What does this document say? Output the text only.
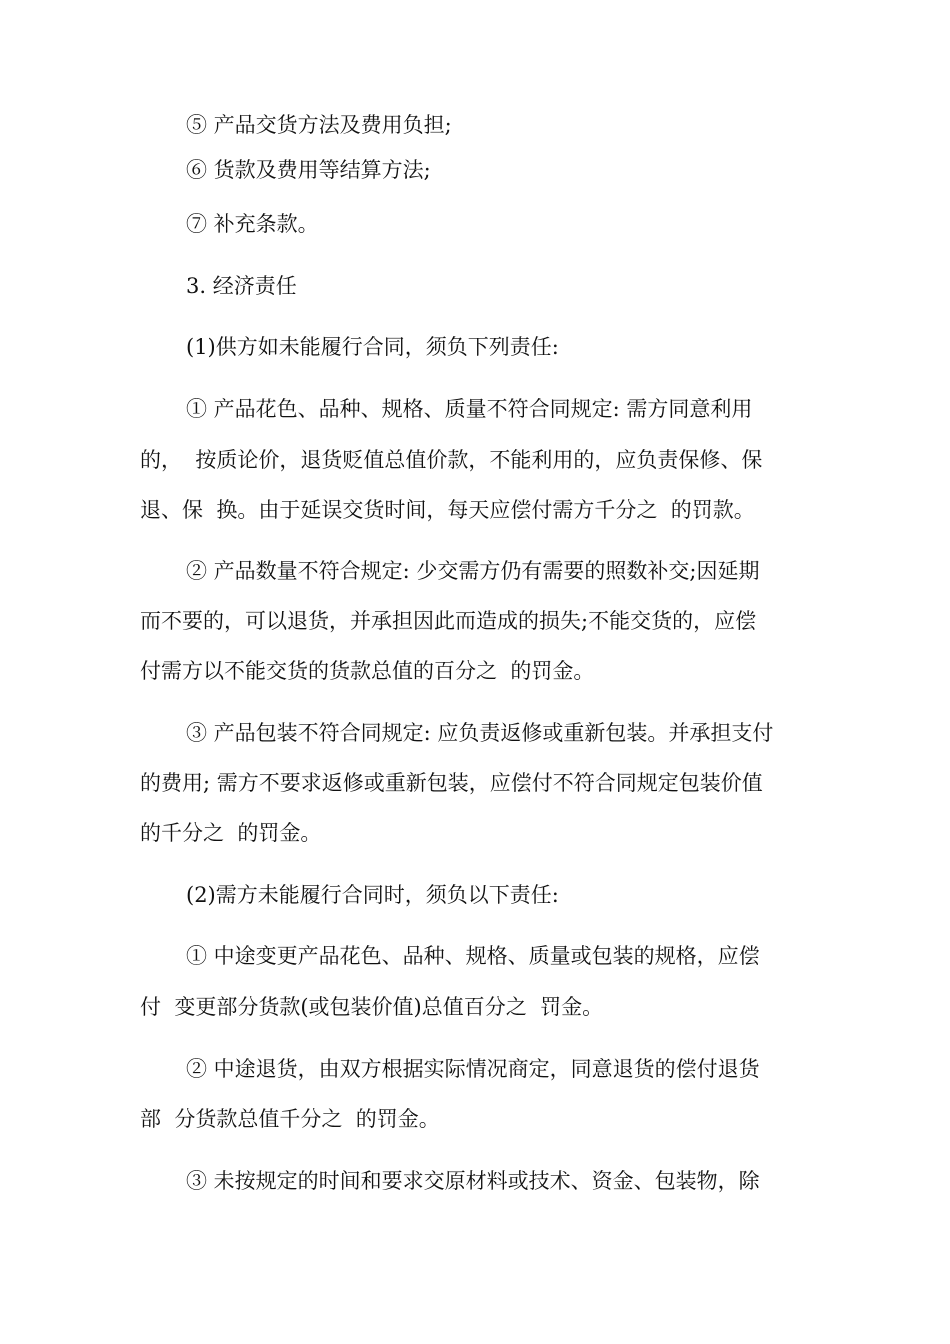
⑤ 产品交货方法及费用负担;
⑥ 货款及费用等结算方法;
⑦ 补充条款。
3. 经济责任
(1)供方如未能履行合同，须负下列责任:
① 产品花色、品种、规格、质量不符合同规定: 需方同意利用
的，  按质论价，退货贬值总值价款，不能利用的，应负责保修、保
退、保  换。由于延误交货时间，每天应偿付需方千分之  的罚款。
② 产品数量不符合规定: 少交需方仍有需要的照数补交;因延期
而不要的，可以退货，并承担因此而造成的损失;不能交货的，应偿
付需方以不能交货的货款总值的百分之  的罚金。
③ 产品包装不符合同规定: 应负责返修或重新包装。并承担支付
的费用; 需方不要求返修或重新包装，应偿付不符合同规定包装价值
的千分之  的罚金。
(2)需方未能履行合同时，须负以下责任:
① 中途变更产品花色、品种、规格、质量或包装的规格，应偿
付  变更部分货款(或包装价值)总值百分之  罚金。
② 中途退货，由双方根据实际情况商定，同意退货的偿付退货
部  分货款总值千分之  的罚金。
③ 未按规定的时间和要求交原材料或技术、资金、包装物，除
